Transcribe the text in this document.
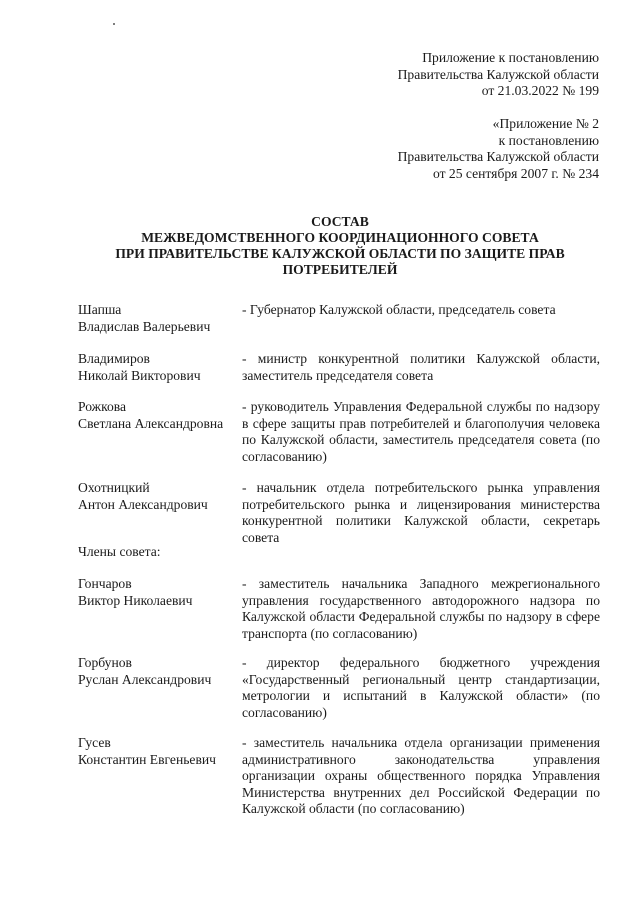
Приложение к постановлению
Правительства Калужской области
от 21.03.2022 № 199
«Приложение № 2
к постановлению
Правительства Калужской области
от 25 сентября 2007 г. № 234
СОСТАВ
МЕЖВЕДОМСТВЕННОГО КООРДИНАЦИОННОГО СОВЕТА
ПРИ ПРАВИТЕЛЬСТВЕ КАЛУЖСКОЙ ОБЛАСТИ ПО ЗАЩИТЕ ПРАВ
ПОТРЕБИТЕЛЕЙ
Шапша
Владислав Валерьевич
- Губернатор Калужской области, председатель совета
Владимиров
Николай Викторович
- министр конкурентной политики Калужской области, заместитель председателя совета
Рожкова
Светлана Александровна
- руководитель Управления Федеральной службы по надзору в сфере защиты прав потребителей и благополучия человека по Калужской области, заместитель председателя совета (по согласованию)
Охотницкий
Антон Александрович
- начальник отдела потребительского рынка управления потребительского рынка и лицензирования министерства конкурентной политики Калужской области, секретарь совета
Члены совета:
Гончаров
Виктор Николаевич
- заместитель начальника Западного межрегионального управления государственного автодорожного надзора по Калужской области Федеральной службы по надзору в сфере транспорта (по согласованию)
Горбунов
Руслан Александрович
- директор федерального бюджетного учреждения «Государственный региональный центр стандартизации, метрологии и испытаний в Калужской области» (по согласованию)
Гусев
Константин Евгеньевич
- заместитель начальника отдела организации применения административного законодательства управления организации охраны общественного порядка Управления Министерства внутренних дел Российской Федерации по Калужской области (по согласованию)
